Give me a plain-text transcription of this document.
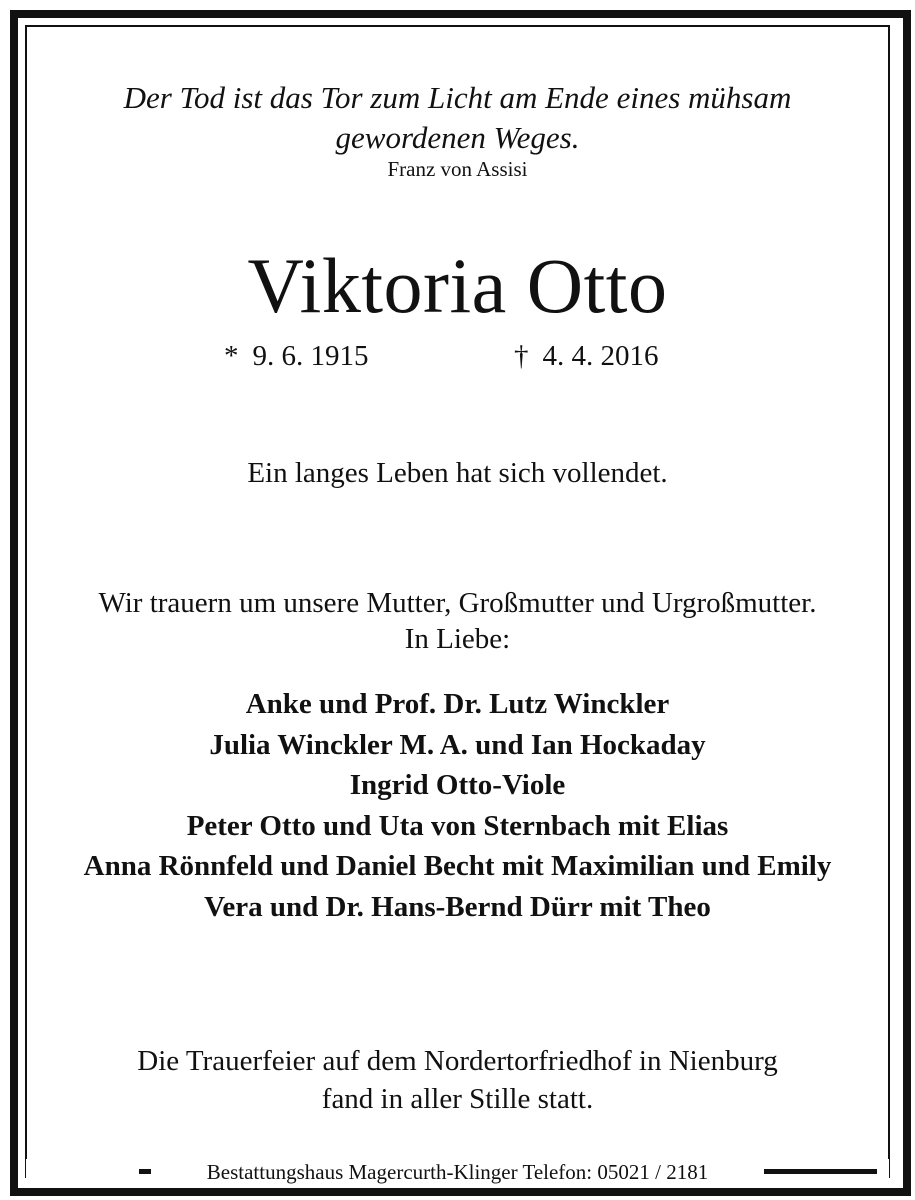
Der Tod ist das Tor zum Licht am Ende eines mühsam
gewordenen Weges.
Franz von Assisi
Viktoria Otto
* 9. 6. 1915	† 4. 4. 2016
Ein langes Leben hat sich vollendet.
Wir trauern um unsere Mutter, Großmutter und Urgroßmutter.
In Liebe:
Anke und Prof. Dr. Lutz Winckler
Julia Winckler M. A. und Ian Hockaday
Ingrid Otto-Viole
Peter Otto und Uta von Sternbach mit Elias
Anna Rönnfeld und Daniel Becht mit Maximilian und Emily
Vera und Dr. Hans-Bernd Dürr mit Theo
Die Trauerfeier auf dem Nordertorfriedhof in Nienburg
fand in aller Stille statt.
Bestattungshaus Magercurth-Klinger Telefon: 05021 / 2181
